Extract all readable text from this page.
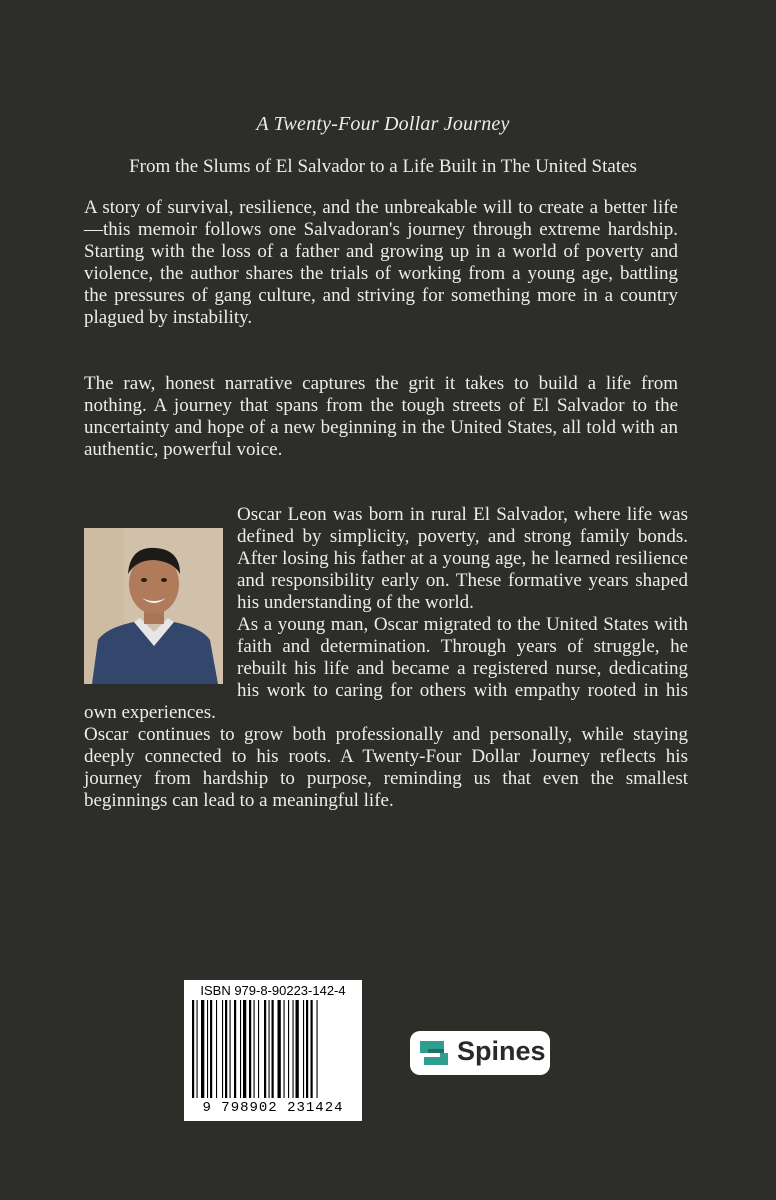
A Twenty-Four Dollar Journey
From the Slums of El Salvador to a Life Built in The United States

A story of survival, resilience, and the unbreakable will to create a better life—this memoir follows one Salvadoran's journey through extreme hardship. Starting with the loss of a father and growing up in a world of poverty and violence, the author shares the trials of working from a young age, battling the pressures of gang culture, and striving for something more in a country plagued by instability.

The raw, honest narrative captures the grit it takes to build a life from nothing. A journey that spans from the tough streets of El Salvador to the uncertainty and hope of a new beginning in the United States, all told with an authentic, powerful voice.

Oscar Leon was born in rural El Salvador, where life was defined by simplicity, poverty, and strong family bonds. After losing his father at a young age, he learned resilience and responsibility early on. These formative years shaped his understanding of the world.

As a young man, Oscar migrated to the United States with faith and determination. Through years of struggle, he rebuilt his life and became a registered nurse, dedicating his work to caring for others with empathy rooted in his own experiences.

Oscar continues to grow both professionally and personally, while staying deeply connected to his roots. A Twenty-Four Dollar Journey reflects his journey from hardship to purpose, reminding us that even the smallest beginnings can lead to a meaningful life.

ISBN 979-8-90223-142-4
9 798902 231424
Spines
